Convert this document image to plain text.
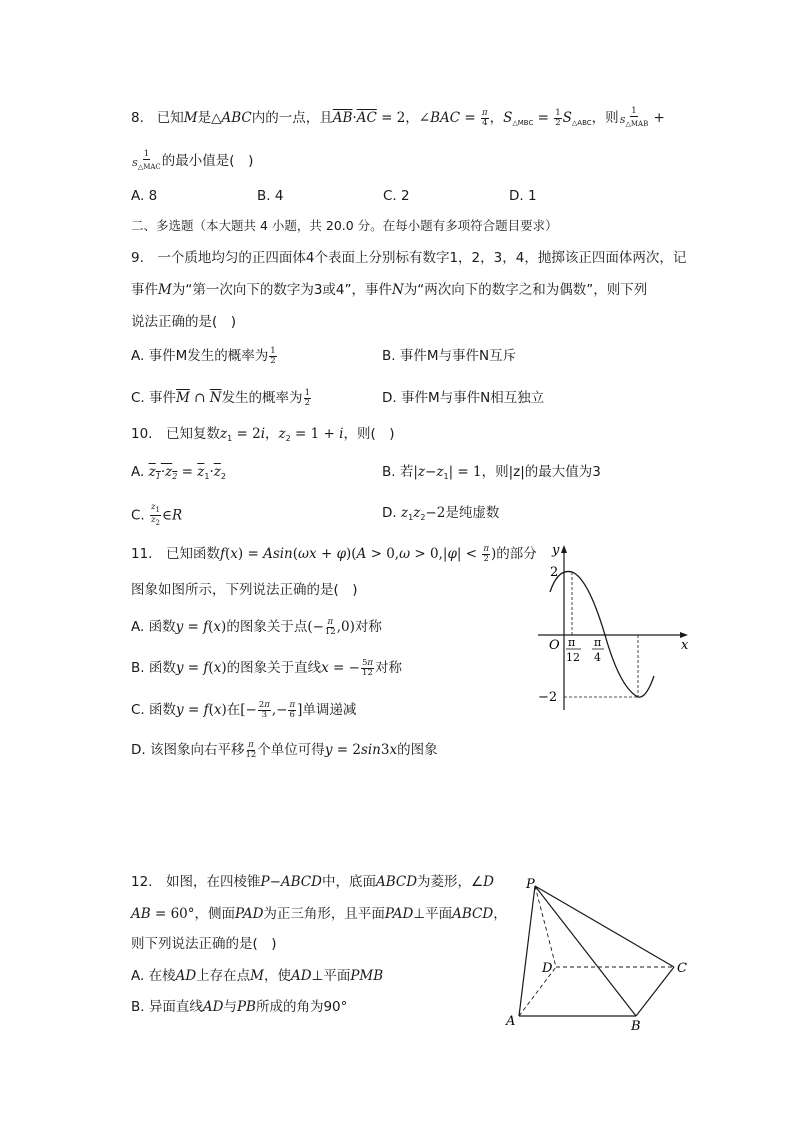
8. 已知M是△ABC内的一点，且$\overline{AB}\cdot\overline{AC} = 2$，∠BAC = $\frac{\pi}{4}$ ，$S_{\triangle MBC} = \frac{1}{2} S_{\triangle ABC}$，则 $\frac{1}{S_{\triangle MAB}}$ +
$\frac{1}{S_{\triangle MAC}}$ 的最小值是(　)
A. 8	B. 4	C. 2	D. 1
二、多选题（本大题共 4 小题，共 20.0 分。在每小题有多项符合题目要求）
9.　一个质地均匀的正四面体4个表面上分别标有数字1，2，3，4，抛掷该正四面体两次，记
事件M为“第一次向下的数字为3或4”，事件N为“两次向下的数字之和为偶数”，则下列
说法正确的是(　)
A. 事件M发生的概率为 $\frac{1}{2}$	B. 事件M与事件N互斥
C. 事件$\overline{M}$ ∩ $\overline{N}$发生的概率为 $\frac{1}{2}$	D. 事件M与事件N相互独立
10.　已知复数$z_1 = 2i$，$z_2 = 1 + i$，则(　)
A. $z_1\cdot z_2 = \overline{z}_1\cdot\overline{z}_2$	B. 若$|z-z_1| = 1$，则|z|的最大值为3
C. $\frac{z_1}{z_2}$ ∈R	D. $z_1z_2-2$是纯虚数
11.　已知函数$f(x) = Asin(\omega x + \varphi)(A > 0,\omega > 0,|\varphi| < \frac{\pi}{2}$ )的部分
图象如图所示，下列说法正确的是(　)
A. 函数y = f(x)的图象关于点(− $\frac{\pi}{12} ,0$)对称
B. 函数y = f(x)的图象关于直线x = − $\frac{5\pi}{12}$ 对称
C. 函数y = f(x)在[− $\frac{2\pi}{3}$ ,− $\frac{\pi}{6}$ ]单调递减
D. 该图象向右平移 $\frac{\pi}{12}$ 个单位可得y = 2sin3x的图象
y
x
O
2
−2
π
12
π
4
12.　如图，在四棱锥P−ABCD中，底面ABCD为菱形，∠D
AB = 60°，侧面PAD为正三角形，且平面PAD⊥平面ABCD，
则下列说法正确的是(　)
A. 在棱AD上存在点M，使AD⊥平面PMB
B. 异面直线AD与PB所成的角为90°
P
A	B
C
D
